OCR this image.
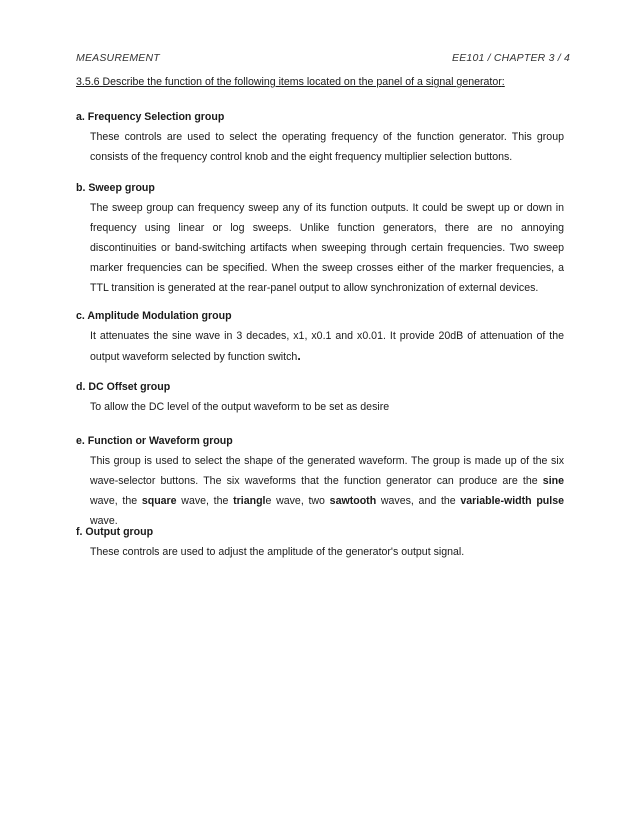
MEASUREMENT	EE101 / CHAPTER 3 / 4
3.5.6 Describe the function of the following items located on the panel of a signal generator:

a. Frequency Selection group

These controls are used to select the operating frequency of the function generator. This group consists of the frequency control knob and the eight frequency multiplier selection buttons.

b. Sweep group

The sweep group can frequency sweep any of its function outputs. It could be swept up or down in frequency using linear or log sweeps. Unlike function generators, there are no annoying discontinuities or band-switching artifacts when sweeping through certain frequencies. Two sweep marker frequencies can be specified. When the sweep crosses either of the marker frequencies, a TTL transition is generated at the rear-panel output to allow synchronization of external devices.

c. Amplitude Modulation group

It attenuates the sine wave in 3 decades, x1, x0.1 and x0.01. It provide 20dB of attenuation of the output waveform selected by function switch.

d. DC Offset group

To allow the DC level of the output waveform to be set as desire

e. Function or Waveform group

This group is used to select the shape of the generated waveform. The group is made up of the six wave-selector buttons. The six waveforms that the function generator can produce are the sine wave, the square wave, the triangle wave, two sawtooth waves, and the variable-width pulse wave.

f. Output group

These controls are used to adjust the amplitude of the generator's output signal.
